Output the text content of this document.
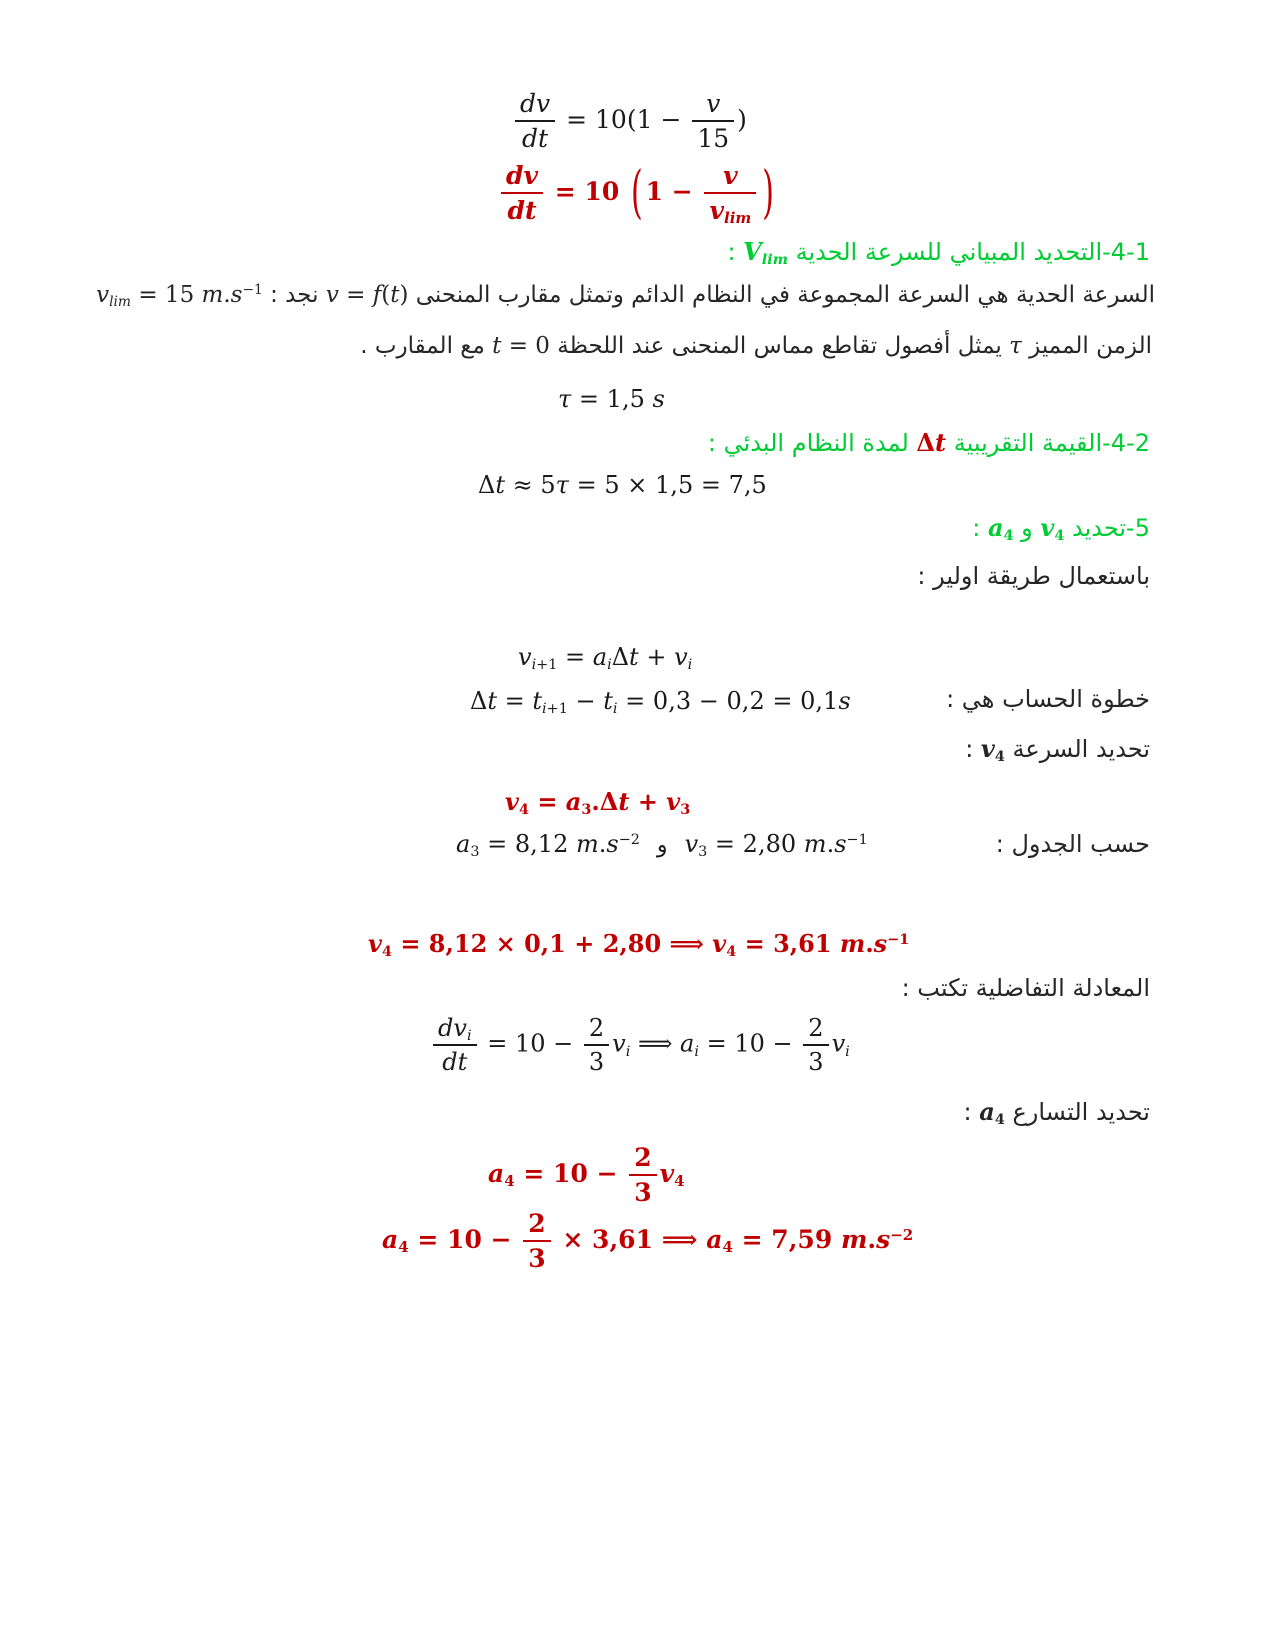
$\frac{dv}{dt} = 10(1 - \frac{v}{15}$ )
$\frac{dv}{dt} = 10$ ( $1 - \frac{v}{v_{lim}}$ )
4-1-التحديد المبياني للسرعة الحدية $V_{lim}$ :
السرعة الحدية هي السرعة المجموعة في النظام الدائم وتمثل مقارب المنحنى v = f(t) نجد : $v_{lim} = 15$ $m.s^{-1}$
الزمن المميز τ يمثل أفصول تقاطع مماس المنحنى عند اللحظة t = 0 مع المقارب .
τ = 1,5 s
4-2-القيمة التقريبية Δt لمدة النظام البدئي :
Δt ≈ 5τ = 5 × 1,5 = 7,5
5-تحديد $v_4$ و $a_4$ :
باستعمال طريقة اولير :
$v_{i+1} = a_i\Delta t + v_i$
خطوة الحساب هي :
$\Delta t = t_{i+1} - t_i = 0,3 - 0,2 = 0,1s$
تحديد السرعة $v_4$ :
$v_4 = a_3.\Delta t + v_3$
حسب الجدول :
$v_3 = 2,80$ $m.s^{-1}$ و $a_3 = 8,12$ $m.s^{-2}$
$v_4 = 8,12 \times 0,1 + 2,80$ ⟹ $v_4 = 3,61$ $m.s^{-1}$
المعادلة التفاضلية تكتب :
$\frac{dv_i}{dt} = 10 - \frac{2}{3} v_i$ ⟹ $a_i = 10 - \frac{2}{3} v_i$
تحديد التسارع $a_4$ :
$a_4 = 10 - \frac{2}{3} v_4$
$a_4 = 10 - \frac{2}{3} \times 3,61$ ⟹ $a_4 = 7,59$ $m.s^{-2}$
